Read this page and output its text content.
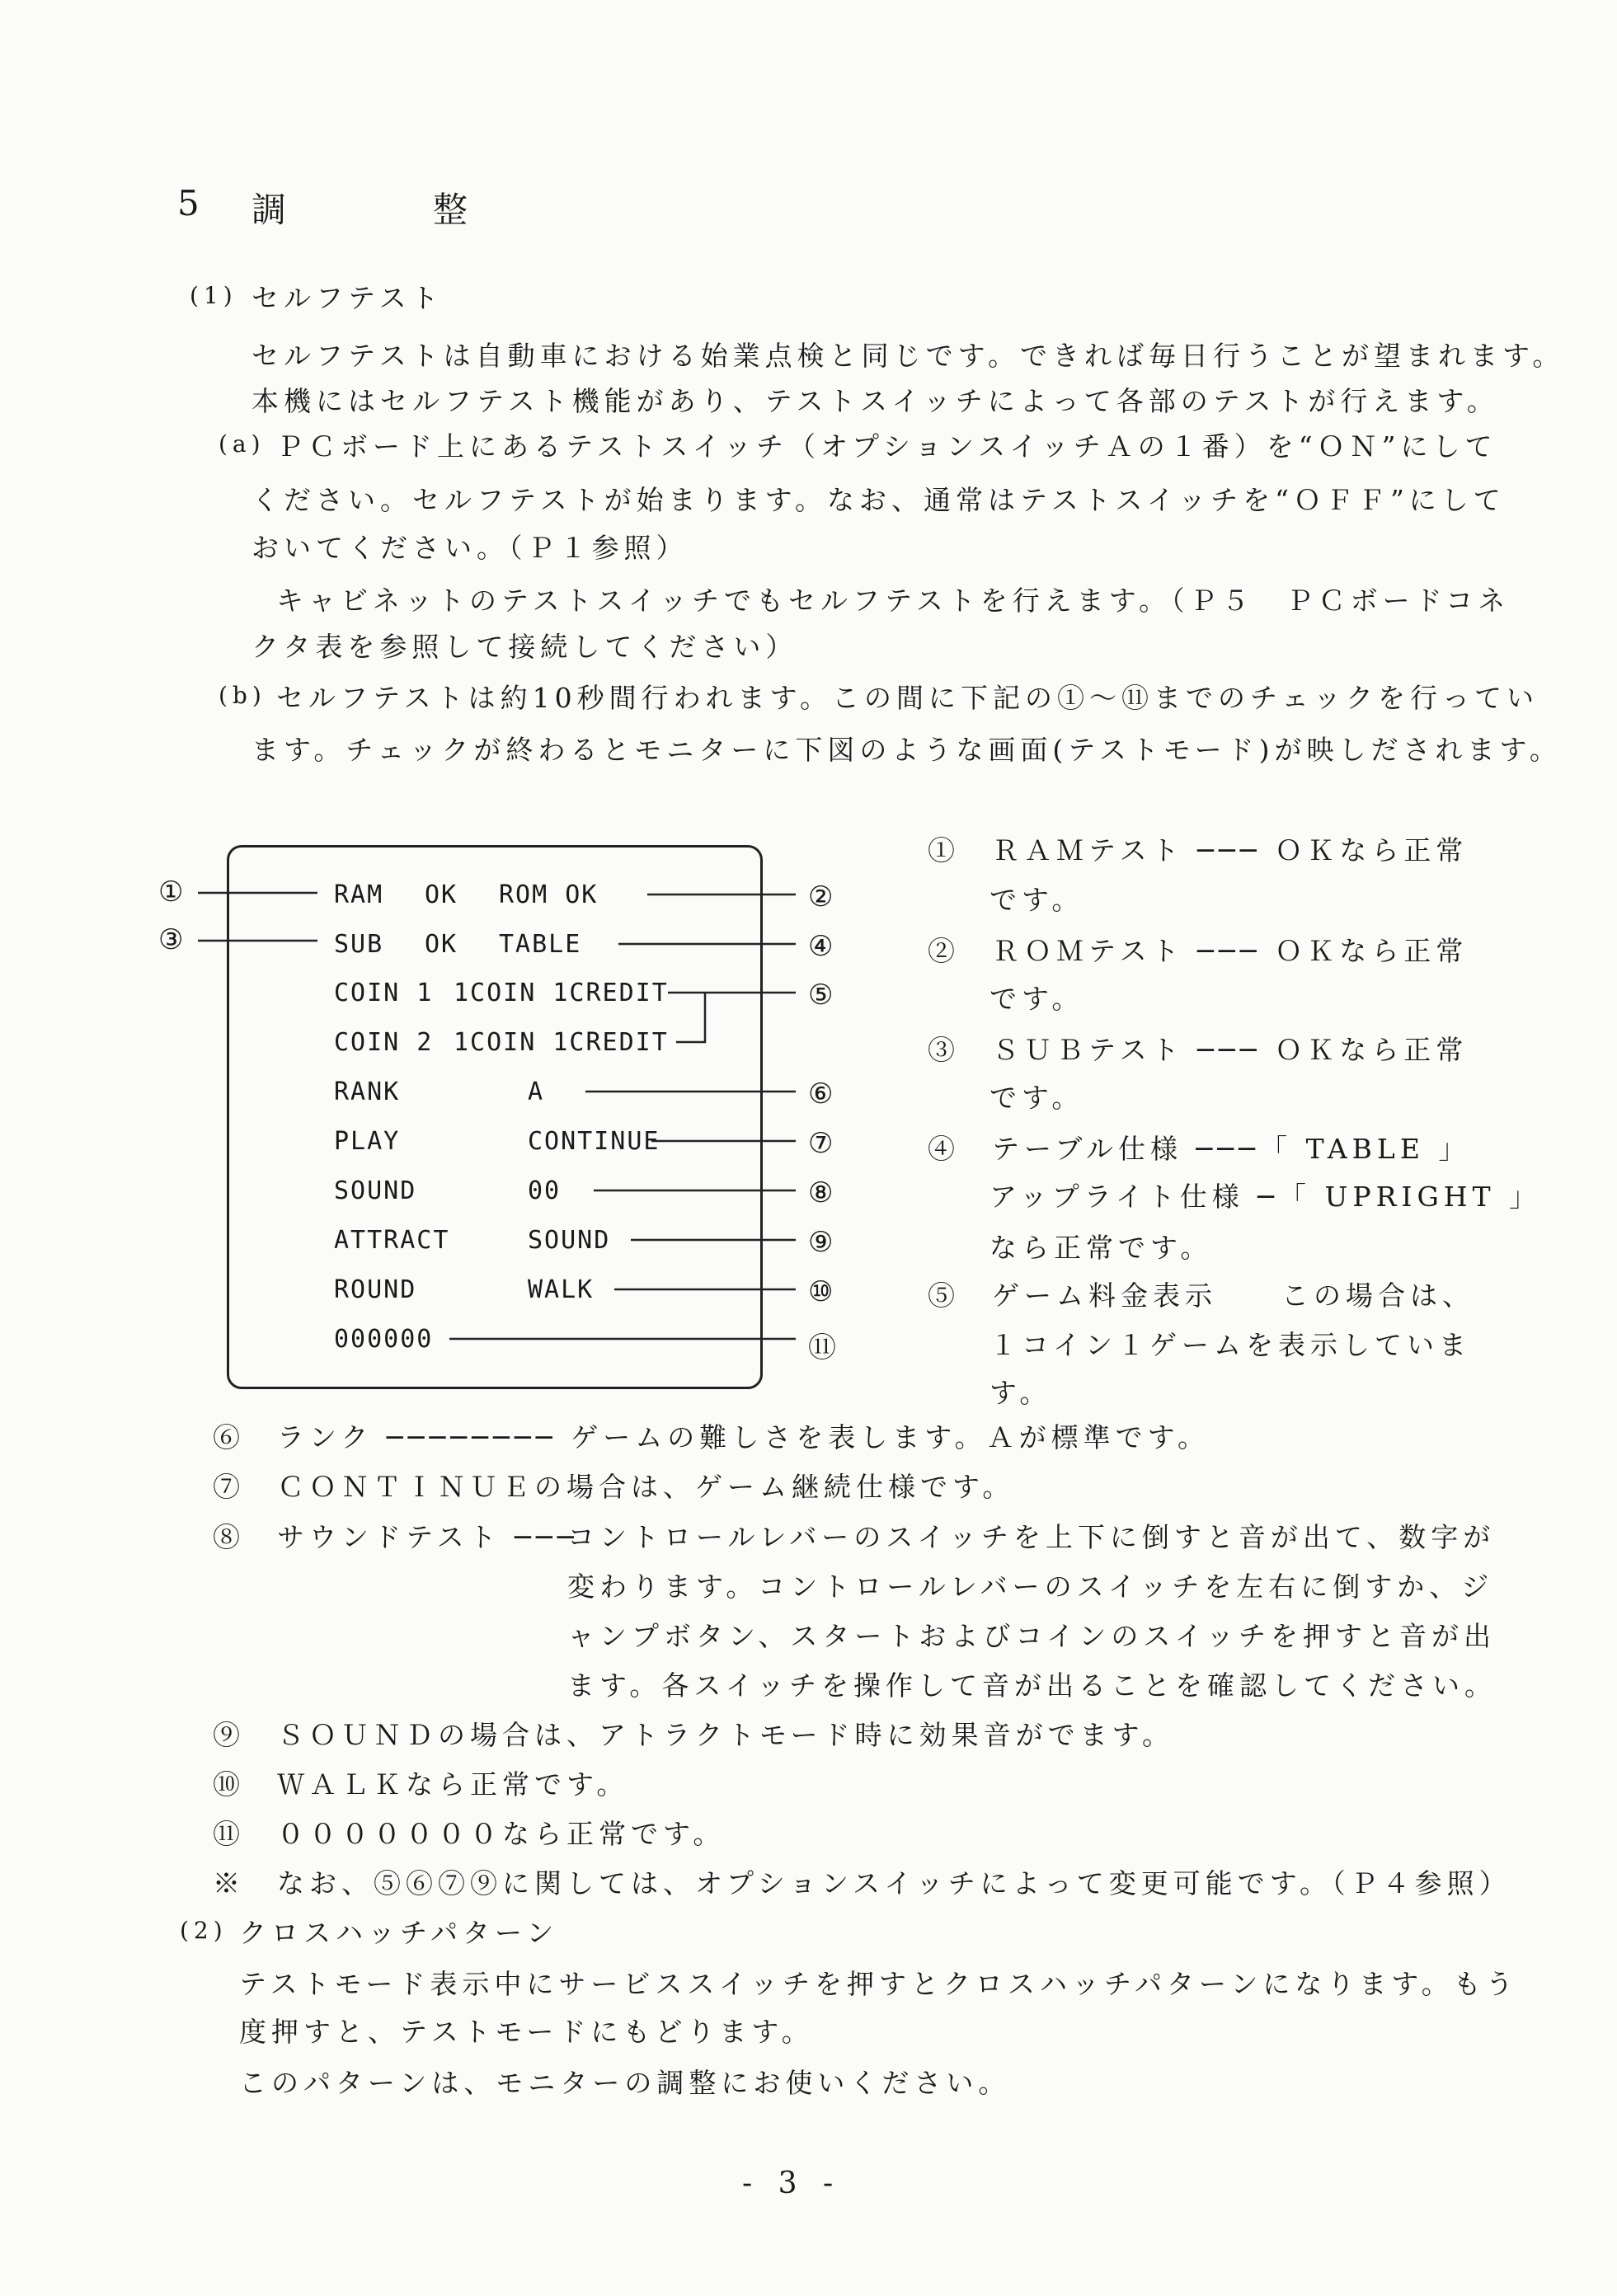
5 調	整
(1) セルフテスト
セルフテストは自動車における始業点検と同じです。できれば毎日行うことが望まれます。
本機にはセルフテスト機能があり、テストスイッチによって各部のテストが行えます。
(a) ＰＣボード上にあるテストスイッチ（オプションスイッチＡの１番）を“ＯＮ”にして
ください。セルフテストが始まります。なお、通常はテストスイッチを“ＯＦＦ”にして
おいてください。（Ｐ１参照）
キャビネットのテストスイッチでもセルフテストを行えます。（Ｐ５　ＰＣボードコネ
クタ表を参照して接続してください）
(b) セルフテストは約10秒間行われます。この間に下記の①～⑪までのチェックを行ってい
ます。チェックが終わるとモニターに下図のような画面(テストモード)が映しだされます。
RAM OK ROM OK
SUB OK TABLE
COIN 1 1COIN 1CREDIT
COIN 2 1COIN 1CREDIT
RANK	A
PLAY	CONTINUE
SOUND	00
ATTRACT	SOUND
ROUND	WALK
000000
①	②
③	④
⑤
⑥
⑦
⑧
⑨
⑩
⑪
①　ＲＡＭテスト ─── ＯＫなら正常
です。
②　ＲＯＭテスト ─── ＯＫなら正常
です。
③　ＳＵＢテスト ─── ＯＫなら正常
です。
④　テーブル仕様 ───「 TABLE 」
アップライト仕様 ─「 UPRIGHT 」
なら正常です。
⑤　ゲーム料金表示　　この場合は、
１コイン１ゲームを表示していま
す。
⑥　ランク ──────── ゲームの難しさを表します。Ａが標準です。
⑦　ＣＯＮＴＩＮＵＥの場合は、ゲーム継続仕様です。
⑧　サウンドテスト ───
コントロールレバーのスイッチを上下に倒すと音が出て、数字が
変わります。コントロールレバーのスイッチを左右に倒すか、ジ
ャンプボタン、スタートおよびコインのスイッチを押すと音が出
ます。各スイッチを操作して音が出ることを確認してください。
⑨　ＳＯＵＮＤの場合は、アトラクトモード時に効果音がでます。
⑩　ＷＡＬＫなら正常です。
⑪　０００００００なら正常です。
※　なお、⑤⑥⑦⑨に関しては、オプションスイッチによって変更可能です。（Ｐ４参照）
(2) クロスハッチパターン
テストモード表示中にサービススイッチを押すとクロスハッチパターンになります。もう
度押すと、テストモードにもどります。
このパターンは、モニターの調整にお使いください。
- 3 -
